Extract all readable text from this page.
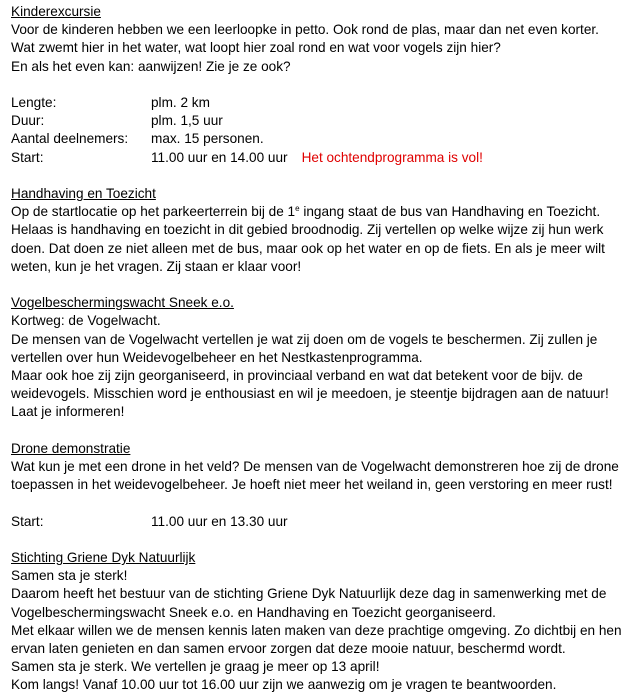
Kinderexcursie
Voor de kinderen hebben we een leerloopke in petto. Ook rond de plas, maar dan net even korter.
Wat zwemt hier in het water, wat loopt hier zoal rond en wat voor vogels zijn hier?
En als het even kan: aanwijzen! Zie je ze ook?
Lengte:	plm. 2 km
Duur:	plm. 1,5 uur
Aantal deelnemers:	max. 15 personen.
Start:	11.00 uur en 14.00 uur Het ochtendprogramma is vol!
Handhaving en Toezicht
Op de startlocatie op het parkeerterrein bij de 1e ingang staat de bus van Handhaving en Toezicht.
Helaas is handhaving en toezicht in dit gebied broodnodig. Zij vertellen op welke wijze zij hun werk
doen. Dat doen ze niet alleen met de bus, maar ook op het water en op de fiets. En als je meer wilt
weten, kun je het vragen. Zij staan er klaar voor!
Vogelbeschermingswacht Sneek e.o.
Kortweg: de Vogelwacht.
De mensen van de Vogelwacht vertellen je wat zij doen om de vogels te beschermen. Zij zullen je
vertellen over hun Weidevogelbeheer en het Nestkastenprogramma.
Maar ook hoe zij zijn georganiseerd, in provinciaal verband en wat dat betekent voor de bijv. de
weidevogels. Misschien word je enthousiast en wil je meedoen, je steentje bijdragen aan de natuur!
Laat je informeren!
Drone demonstratie
Wat kun je met een drone in het veld? De mensen van de Vogelwacht demonstreren hoe zij de drone
toepassen in het weidevogelbeheer. Je hoeft niet meer het weiland in, geen verstoring en meer rust!
Start:	11.00 uur en 13.30 uur
Stichting Griene Dyk Natuurlijk
Samen sta je sterk!
Daarom heeft het bestuur van de stichting Griene Dyk Natuurlijk deze dag in samenwerking met de
Vogelbeschermingswacht Sneek e.o. en Handhaving en Toezicht georganiseerd.
Met elkaar willen we de mensen kennis laten maken van deze prachtige omgeving. Zo dichtbij en hen
ervan laten genieten en dan samen ervoor zorgen dat deze mooie natuur, beschermd wordt.
Samen sta je sterk. We vertellen je graag je meer op 13 april!
Kom langs! Vanaf 10.00 uur tot 16.00 uur zijn we aanwezig om je vragen te beantwoorden.
